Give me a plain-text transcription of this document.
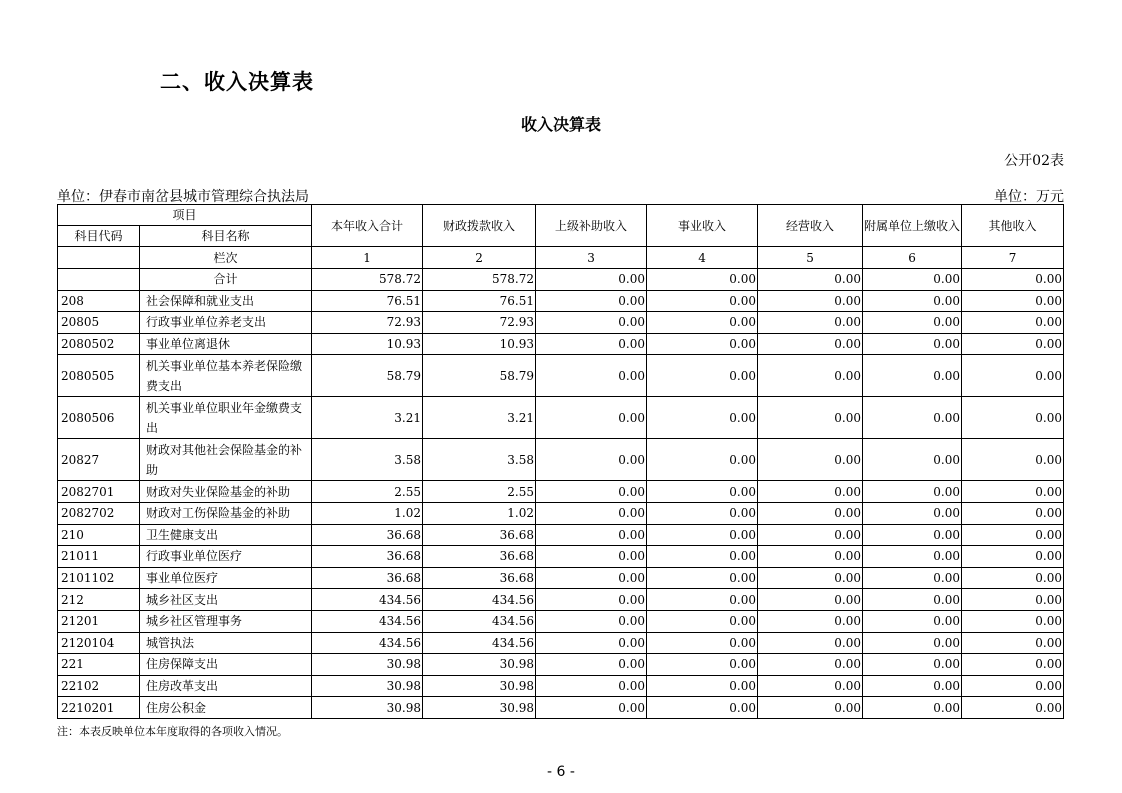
二、收入决算表
收入决算表
公开02表
单位：伊春市南岔县城市管理综合执法局	单位：万元
项目		本年收入合计	财政拨款收入	上级补助收入	事业收入	经营收入	附属单位上缴收入	其他收入
科目代码	科目名称							
	栏次	1	2	3	4	5	6	7
	合计	578.72	578.72	0.00	0.00	0.00	0.00	0.00
208	社会保障和就业支出	76.51	76.51	0.00	0.00	0.00	0.00	0.00
20805	行政事业单位养老支出	72.93	72.93	0.00	0.00	0.00	0.00	0.00
2080502	事业单位离退休	10.93	10.93	0.00	0.00	0.00	0.00	0.00
2080505	机关事业单位基本养老保险缴费支出	58.79	58.79	0.00	0.00	0.00	0.00	0.00
2080506	机关事业单位职业年金缴费支出	3.21	3.21	0.00	0.00	0.00	0.00	0.00
20827	财政对其他社会保险基金的补助	3.58	3.58	0.00	0.00	0.00	0.00	0.00
2082701	财政对失业保险基金的补助	2.55	2.55	0.00	0.00	0.00	0.00	0.00
2082702	财政对工伤保险基金的补助	1.02	1.02	0.00	0.00	0.00	0.00	0.00
210	卫生健康支出	36.68	36.68	0.00	0.00	0.00	0.00	0.00
21011	行政事业单位医疗	36.68	36.68	0.00	0.00	0.00	0.00	0.00
2101102	事业单位医疗	36.68	36.68	0.00	0.00	0.00	0.00	0.00
212	城乡社区支出	434.56	434.56	0.00	0.00	0.00	0.00	0.00
21201	城乡社区管理事务	434.56	434.56	0.00	0.00	0.00	0.00	0.00
2120104	城管执法	434.56	434.56	0.00	0.00	0.00	0.00	0.00
221	住房保障支出	30.98	30.98	0.00	0.00	0.00	0.00	0.00
22102	住房改革支出	30.98	30.98	0.00	0.00	0.00	0.00	0.00
2210201	住房公积金	30.98	30.98	0.00	0.00	0.00	0.00	0.00
注：本表反映单位本年度取得的各项收入情况。
- 6 -
